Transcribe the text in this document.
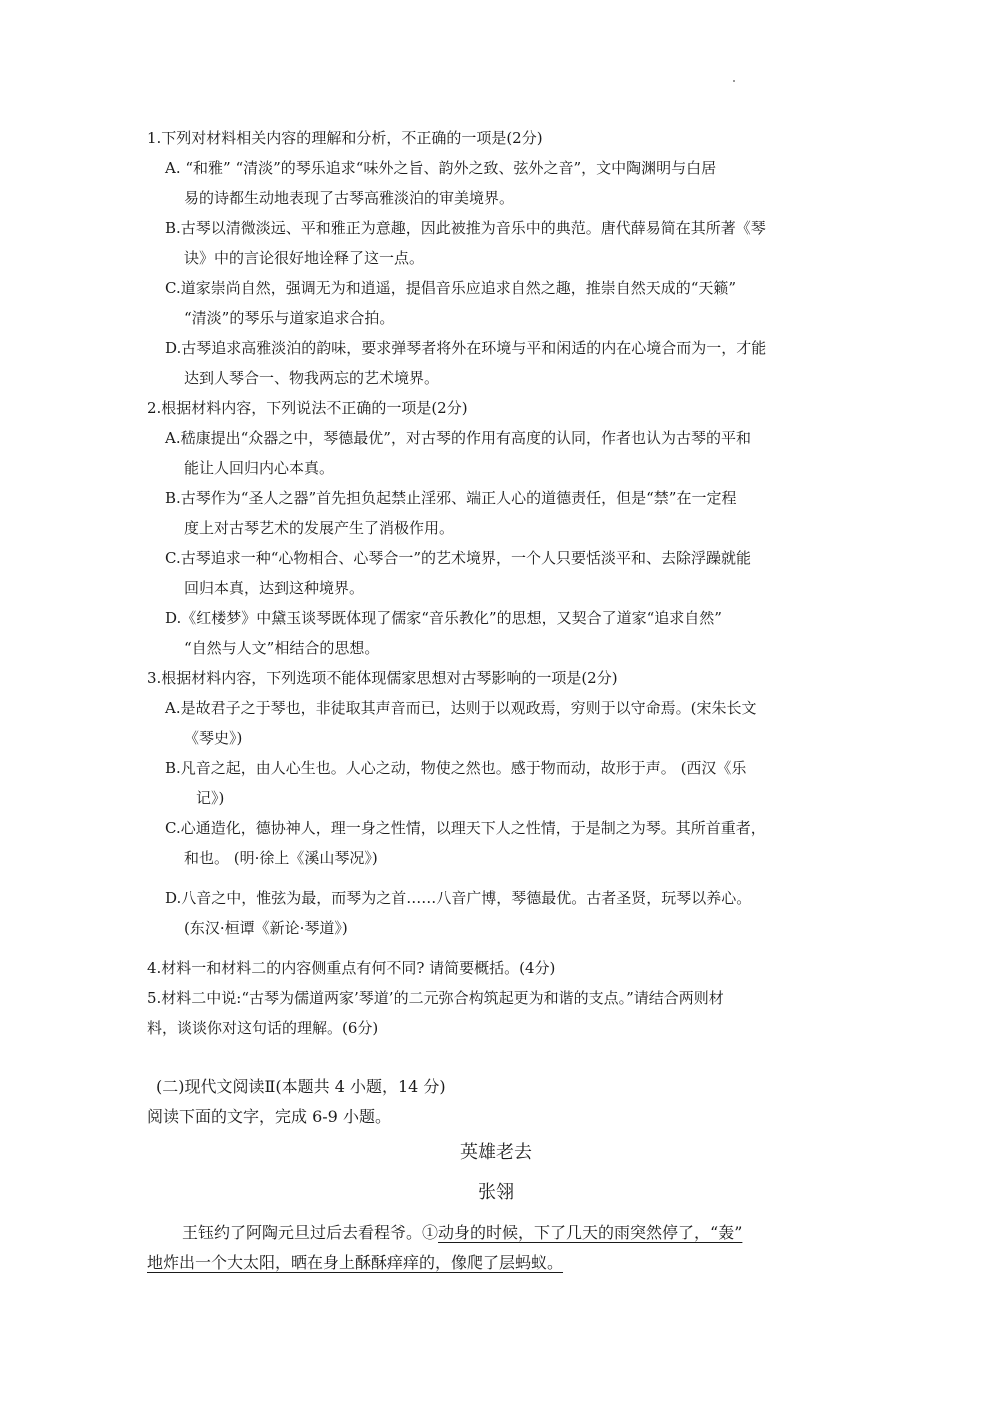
1.下列对材料相关内容的理解和分析，不正确的一项是(2分)
A. “和雅” “清淡”的琴乐追求“味外之旨、韵外之致、弦外之音”，文中陶渊明与白居
易的诗都生动地表现了古琴高雅淡泊的审美境界。
B.古琴以清微淡远、平和雅正为意趣，因此被推为音乐中的典范。唐代薛易简在其所著《琴
诀》中的言论很好地诠释了这一点。
C.道家崇尚自然，强调无为和逍遥，提倡音乐应追求自然之趣，推崇自然天成的“天籁”
“清淡”的琴乐与道家追求合拍。
D.古琴追求高雅淡泊的韵味，要求弹琴者将外在环境与平和闲适的内在心境合而为一，才能
达到人琴合一、物我两忘的艺术境界。
2.根据材料内容，下列说法不正确的一项是(2分)
A.嵇康提出“众器之中，琴德最优”，对古琴的作用有高度的认同，作者也认为古琴的平和
能让人回归内心本真。
B.古琴作为“圣人之器”首先担负起禁止淫邪、端正人心的道德责任，但是“禁”在一定程
度上对古琴艺术的发展产生了消极作用。
C.古琴追求一种“心物相合、心琴合一”的艺术境界，一个人只要恬淡平和、去除浮躁就能
回归本真，达到这种境界。
D.《红楼梦》中黛玉谈琴既体现了儒家“音乐教化”的思想，又契合了道家“追求自然”
“自然与人文”相结合的思想。
3.根据材料内容，下列选项不能体现儒家思想对古琴影响的一项是(2分)
A.是故君子之于琴也，非徒取其声音而已，达则于以观政焉，穷则于以守命焉。(宋朱长文
《琴史》)
B.凡音之起，由人心生也。人心之动，物使之然也。感于物而动，故形于声。 (西汉《乐
记》)
C.心通造化，德协神人，理一身之性情，以理天下人之性情，于是制之为琴。其所首重者，
和也。 (明·徐上《溪山琴况》)
D.八音之中，惟弦为最，而琴为之首……八音广博，琴德最优。古者圣贤，玩琴以养心。
(东汉·桓谭《新论·琴道》)
4.材料一和材料二的内容侧重点有何不同? 请简要概括。(4分)
5.材料二中说:“古琴为儒道两家’琴道’的二元弥合构筑起更为和谐的支点。”请结合两则材
料，谈谈你对这句话的理解。(6分)
(二)现代文阅读Ⅱ(本题共 4 小题，14 分)
阅读下面的文字，完成 6-9 小题。
英雄老去
张翎
王钰约了阿陶元旦过后去看程爷。①动身的时候，下了几天的雨突然停了，“轰”
地炸出一个大太阳，晒在身上酥酥痒痒的，像爬了层蚂蚁。
